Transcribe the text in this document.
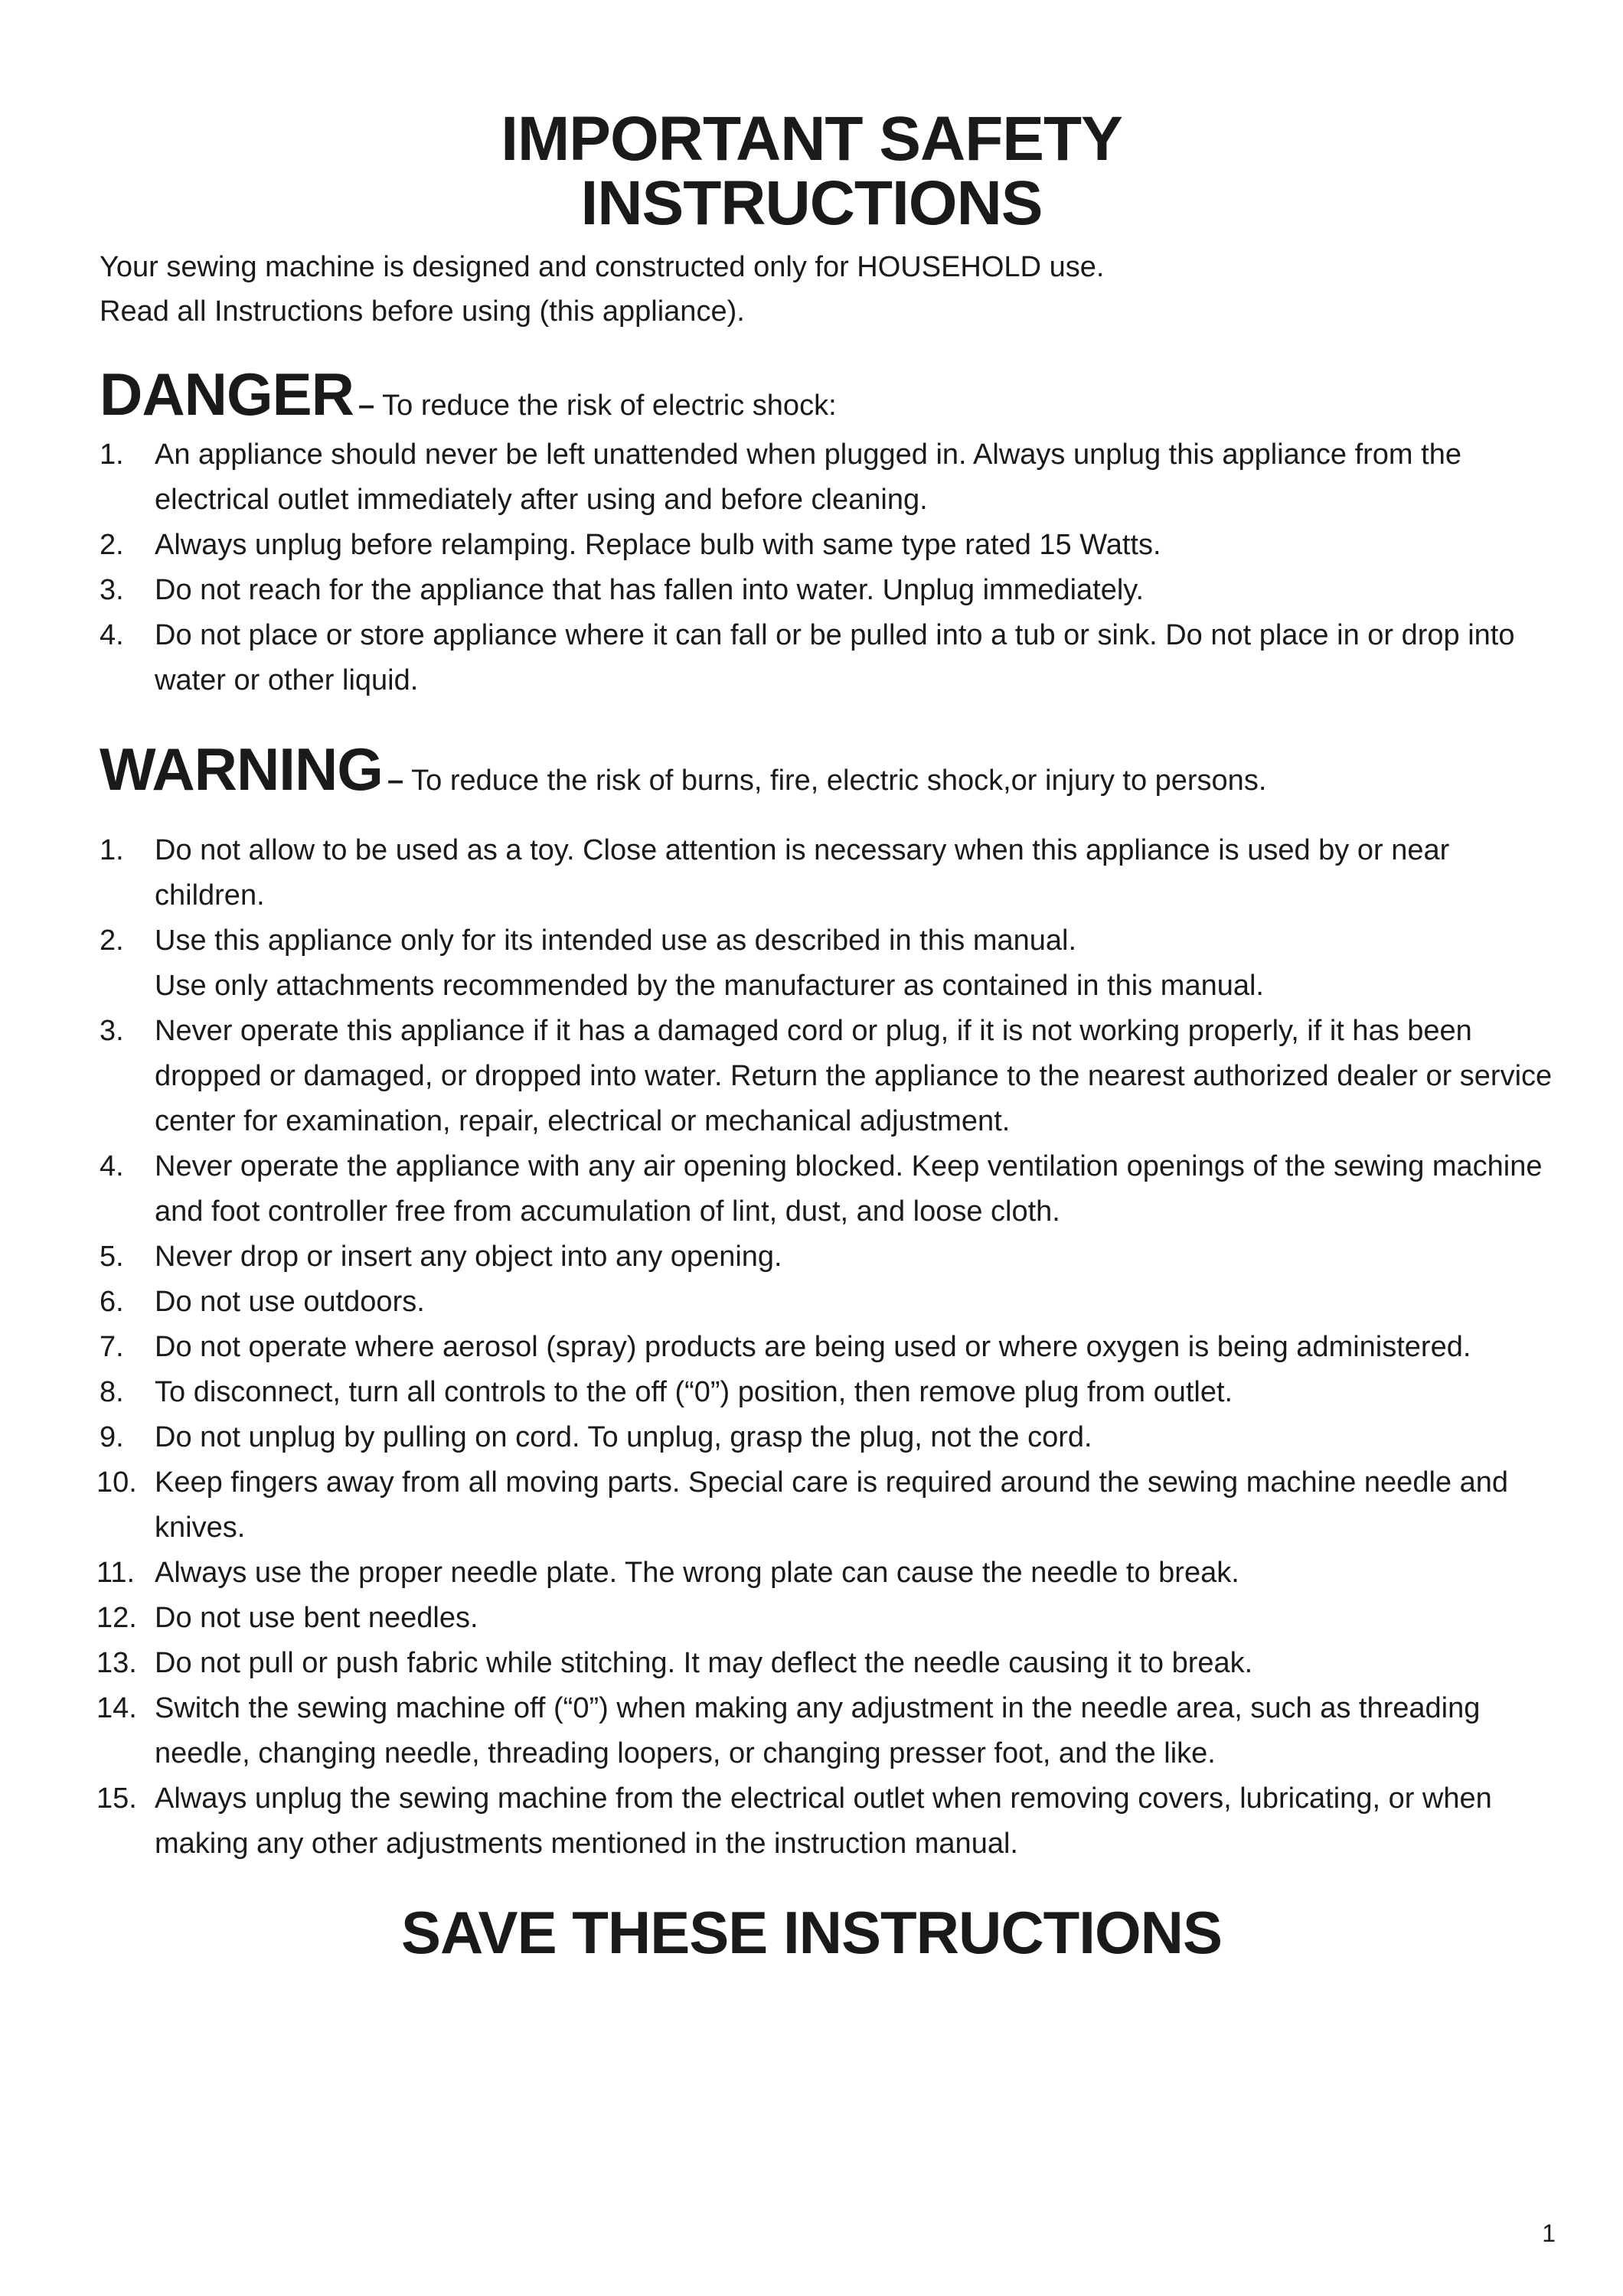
IMPORTANT SAFETY
INSTRUCTIONS

Your sewing machine is designed and constructed only for HOUSEHOLD use.

Read all Instructions before using (this appliance).

DANGER – To reduce the risk of electric shock:
1.	An appliance should never be left unattended when plugged in. Always unplug this appliance from the electrical outlet immediately after using and before cleaning.
2.	Always unplug before relamping. Replace bulb with same type rated 15 Watts.
3.	Do not reach for the appliance that has fallen into water. Unplug immediately.
4.	Do not place or store appliance where it can fall or be pulled into a tub or sink. Do not place in or drop into water or other liquid.
WARNING – To reduce the risk of burns, fire, electric shock,or injury to persons.
1.	Do not allow to be used as a toy. Close attention is necessary when this appliance is used by or near children.
2.	Use this appliance only for its intended use as described in this manual.
Use only attachments recommended by the manufacturer as contained in this manual.
3.	Never operate this appliance if it has a damaged cord or plug, if it is not working properly, if it has been dropped or damaged, or dropped into water. Return the appliance to the nearest authorized dealer or service center for examination, repair, electrical or mechanical adjustment.
4.	Never operate the appliance with any air opening blocked. Keep ventilation openings of the sewing machine and foot controller free from accumulation of lint, dust, and loose cloth.
5.	Never drop or insert any object into any opening.
6.	Do not use outdoors.
7.	Do not operate where aerosol (spray) products are being used or where oxygen is being administered.
8.	To disconnect, turn all controls to the off (“0”) position, then remove plug from outlet.
9.	Do not unplug by pulling on cord. To unplug, grasp the plug, not the cord.
10. Keep fingers away from all moving parts. Special care is required around the sewing machine needle and knives.
11. Always use the proper needle plate. The wrong plate can cause the needle to break.
12. Do not use bent needles.
13. Do not pull or push fabric while stitching. It may deflect the needle causing it to break.
14. Switch the sewing machine off (“0”) when making any adjustment in the needle area, such as threading needle, changing needle, threading loopers, or changing presser foot, and the like.
15. Always unplug the sewing machine from the electrical outlet when removing covers, lubricating, or when making any other adjustments mentioned in the instruction manual.
SAVE THESE INSTRUCTIONS
1
